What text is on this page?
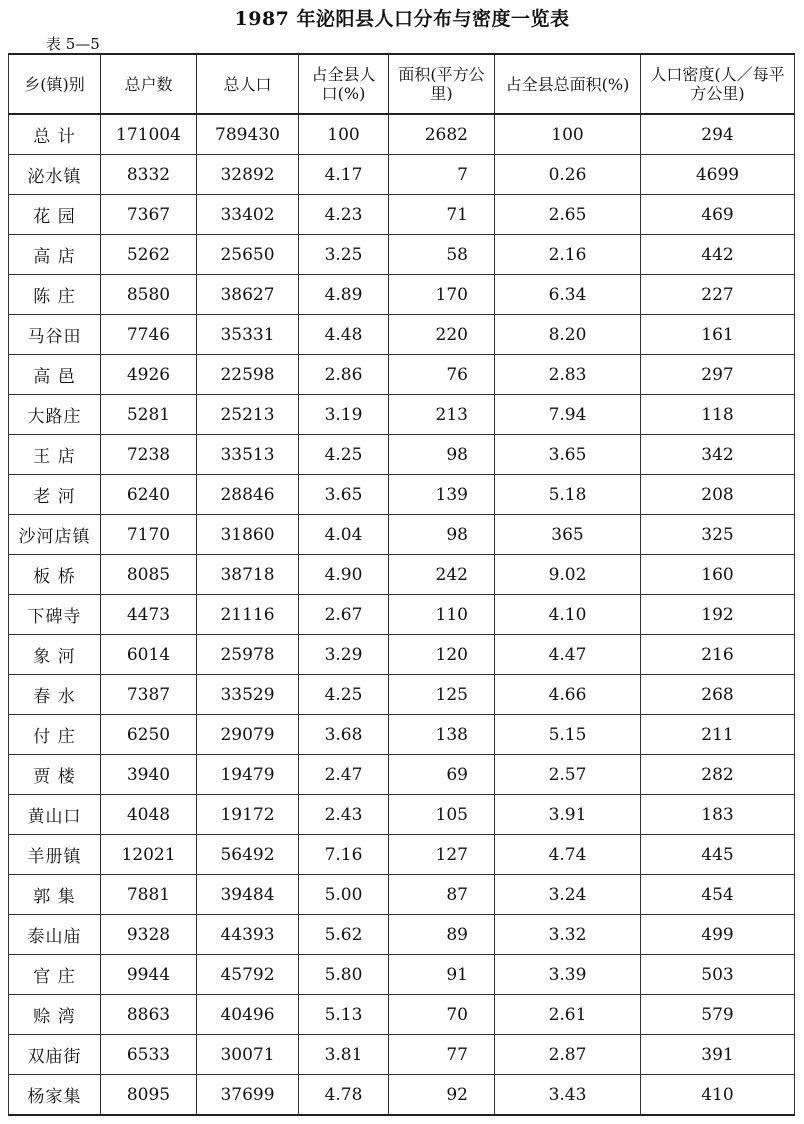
1987 年泌阳县人口分布与密度一览表
表 5—5
乡(镇)别	总户数	总人口	占全县人口(%)	面积(平方公里)	占全县总面积(%)	人口密度(人／每平方公里)
总 计	171004	789430	100	2682	100	294
泌水镇	8332	32892	4.17	7	0.26	4699
花 园	7367	33402	4.23	71	2.65	469
高 店	5262	25650	3.25	58	2.16	442
陈 庄	8580	38627	4.89	170	6.34	227
马谷田	7746	35331	4.48	220	8.20	161
高 邑	4926	22598	2.86	76	2.83	297
大路庄	5281	25213	3.19	213	7.94	118
王 店	7238	33513	4.25	98	3.65	342
老 河	6240	28846	3.65	139	5.18	208
沙河店镇	7170	31860	4.04	98	365	325
板 桥	8085	38718	4.90	242	9.02	160
下碑寺	4473	21116	2.67	110	4.10	192
象 河	6014	25978	3.29	120	4.47	216
春 水	7387	33529	4.25	125	4.66	268
付 庄	6250	29079	3.68	138	5.15	211
贾 楼	3940	19479	2.47	69	2.57	282
黄山口	4048	19172	2.43	105	3.91	183
羊册镇	12021	56492	7.16	127	4.74	445
郭 集	7881	39484	5.00	87	3.24	454
泰山庙	9328	44393	5.62	89	3.32	499
官 庄	9944	45792	5.80	91	3.39	503
赊 湾	8863	40496	5.13	70	2.61	579
双庙街	6533	30071	3.81	77	2.87	391
杨家集	8095	37699	4.78	92	3.43	410
